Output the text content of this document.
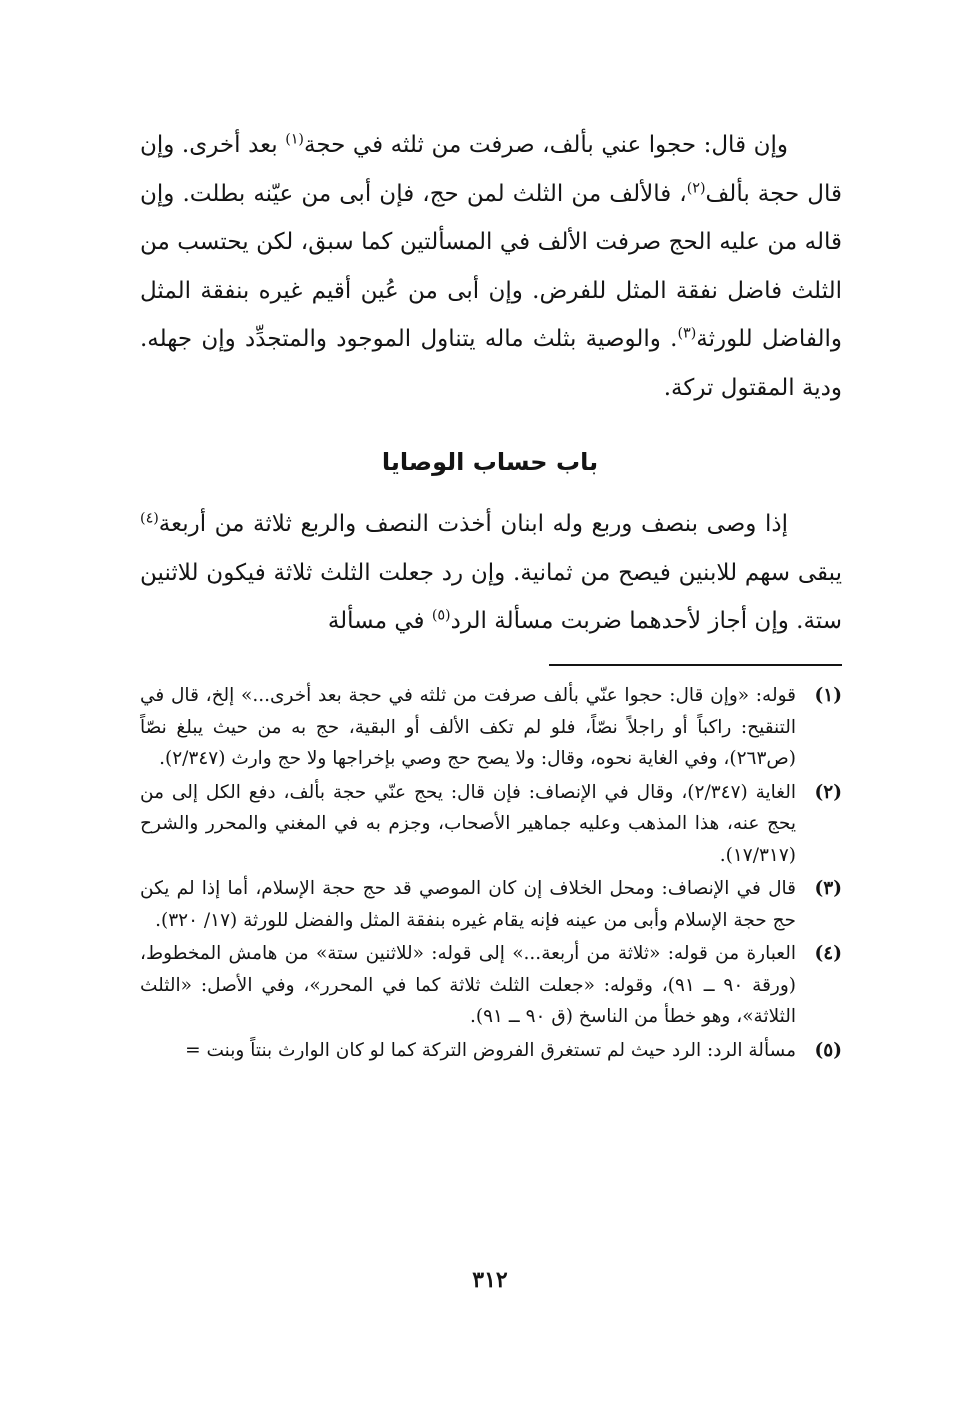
وإن قال: حجوا عني بألف، صرفت من ثلثه في حجة$^{(١)}$ بعد أخرى. وإن قال حجة بألف$^{(٢)}$، فالألف من الثلث لمن حج، فإن أبى من عيّنه بطلت. وإن قاله من عليه الحج صرفت الألف في المسألتين كما سبق، لكن يحتسب من الثلث فاضل نفقة المثل للفرض. وإن أبى من عُين أقيم غيره بنفقة المثل والفاضل للورثة$^{(٣)}$. والوصية بثلث ماله يتناول الموجود والمتجدِّد وإن جهله. ودية المقتول تركة.

باب حساب الوصايا

إذا وصى بنصف وربع وله ابنان أخذت النصف والربع ثلاثة من أربعة$^{(٤)}$ يبقى سهم للابنين فيصح من ثمانية. وإن رد جعلت الثلث ثلاثة فيكون للاثنين ستة. وإن أجاز لأحدهما ضربت مسألة الرد$^{(٥)}$ في مسألة

(١)
قوله: «وإن قال: حجوا عنّي بألف صرفت من ثلثه في حجة بعد أخرى...» إلخ، قال في التنقيح: راكباً أو راجلاً نصّاً، فلو لم تكف الألف أو البقية، حج به من حيث يبلغ نصّاً (ص٢٦٣)، وفي الغاية نحوه، وقال: ولا يصح حج وصي بإخراجها ولا حج وارث (٢/٣٤٧).
(٢)
الغاية (٢/٣٤٧)، وقال في الإنصاف: فإن قال: يحج عنّي حجة بألف، دفع الكل إلى من يحج عنه، هذا المذهب وعليه جماهير الأصحاب، وجزم به في المغني والمحرر والشرح (١٧/٣١٧).
(٣)
قال في الإنصاف: ومحل الخلاف إن كان الموصي قد حج حجة الإسلام، أما إذا لم يكن حج حجة الإسلام وأبى من عينه فإنه يقام غيره بنفقة المثل والفضل للورثة (١٧/ ٣٢٠).
(٤)
العبارة من قوله: «ثلاثة من أربعة...» إلى قوله: «للاثنين ستة» من هامش المخطوط، (ورقة ٩٠ ــ ٩١)، وقوله: «جعلت الثلث ثلاثة كما في المحرر»، وفي الأصل: «الثلث الثلاثة»، وهو خطأ من الناسخ (ق ٩٠ ــ ٩١).
(٥)
مسألة الرد: الرد حيث لم تستغرق الفروض التركة كما لو كان الوارث بنتاً وبنت =
٣١٢
